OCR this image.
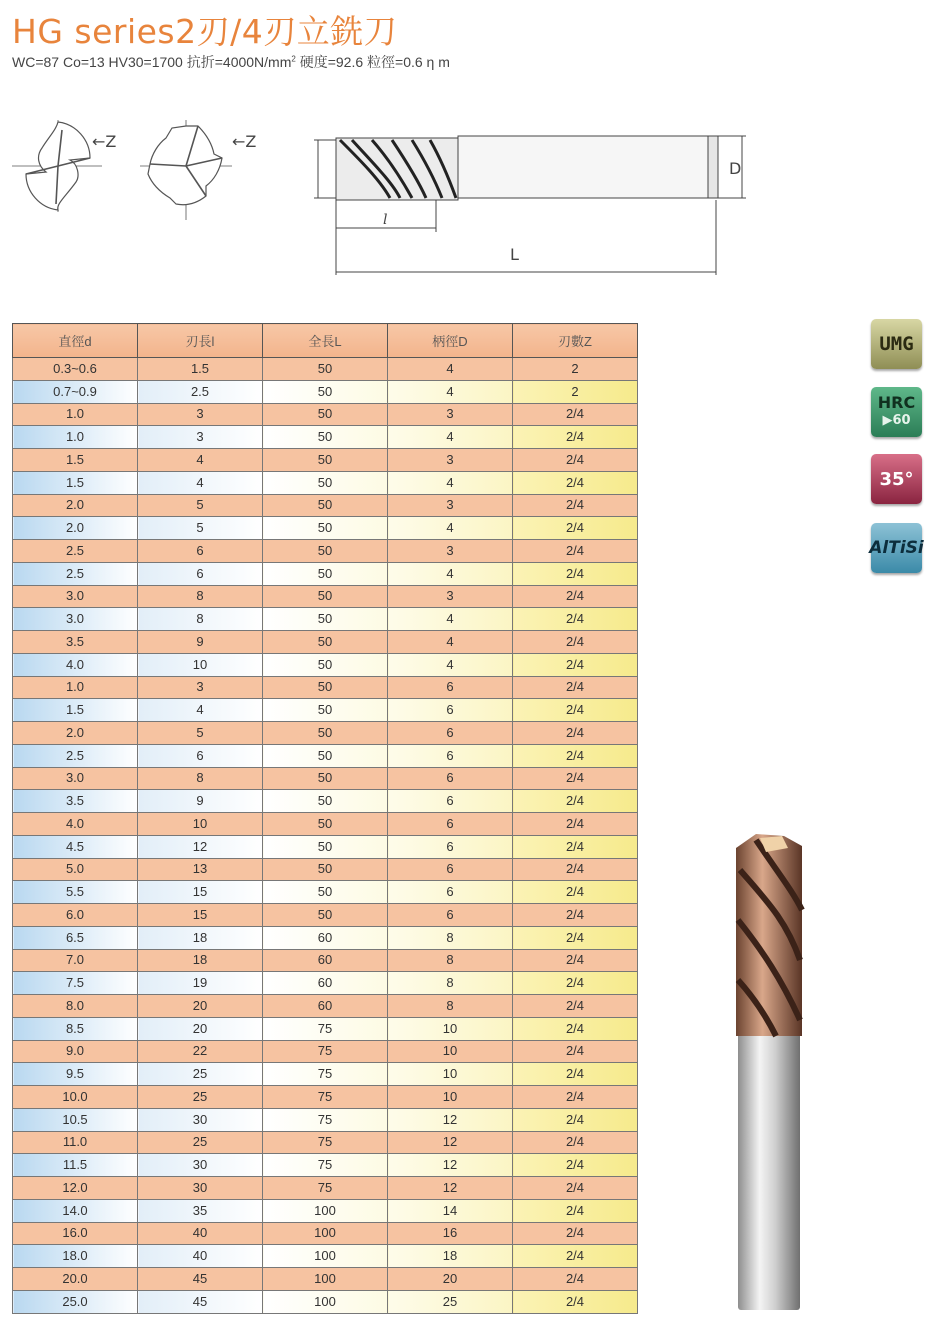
HG series2刃/4刃立銑刀
WC=87 Co=13 HV30=1700 抗折$=4000N/mm^2$ 硬度=92.6 粒徑=0.6 η m
←Z	←Z
D
l
L
直徑d	刃長l	全長L	柄徑D	刃數Z
0.3~0.6	1.5	50	4	2
0.7~0.9	2.5	50	4	2
1.0	3	50	3	2/4
1.0	3	50	4	2/4
1.5	4	50	3	2/4
1.5	4	50	4	2/4
2.0	5	50	3	2/4
2.0	5	50	4	2/4
2.5	6	50	3	2/4
2.5	6	50	4	2/4
3.0	8	50	3	2/4
3.0	8	50	4	2/4
3.5	9	50	4	2/4
4.0	10	50	4	2/4
1.0	3	50	6	2/4
1.5	4	50	6	2/4
2.0	5	50	6	2/4
2.5	6	50	6	2/4
3.0	8	50	6	2/4
3.5	9	50	6	2/4
4.0	10	50	6	2/4
4.5	12	50	6	2/4
5.0	13	50	6	2/4
5.5	15	50	6	2/4
6.0	15	50	6	2/4
6.5	18	60	8	2/4
7.0	18	60	8	2/4
7.5	19	60	8	2/4
8.0	20	60	8	2/4
8.5	20	75	10	2/4
9.0	22	75	10	2/4
9.5	25	75	10	2/4
10.0	25	75	10	2/4
10.5	30	75	12	2/4
11.0	25	75	12	2/4
11.5	30	75	12	2/4
12.0	30	75	12	2/4
14.0	35	100	14	2/4
16.0	40	100	16	2/4
18.0	40	100	18	2/4
20.0	45	100	20	2/4
25.0	45	100	25	2/4
UMG
HRC
▶60
35°
AlTiSi
